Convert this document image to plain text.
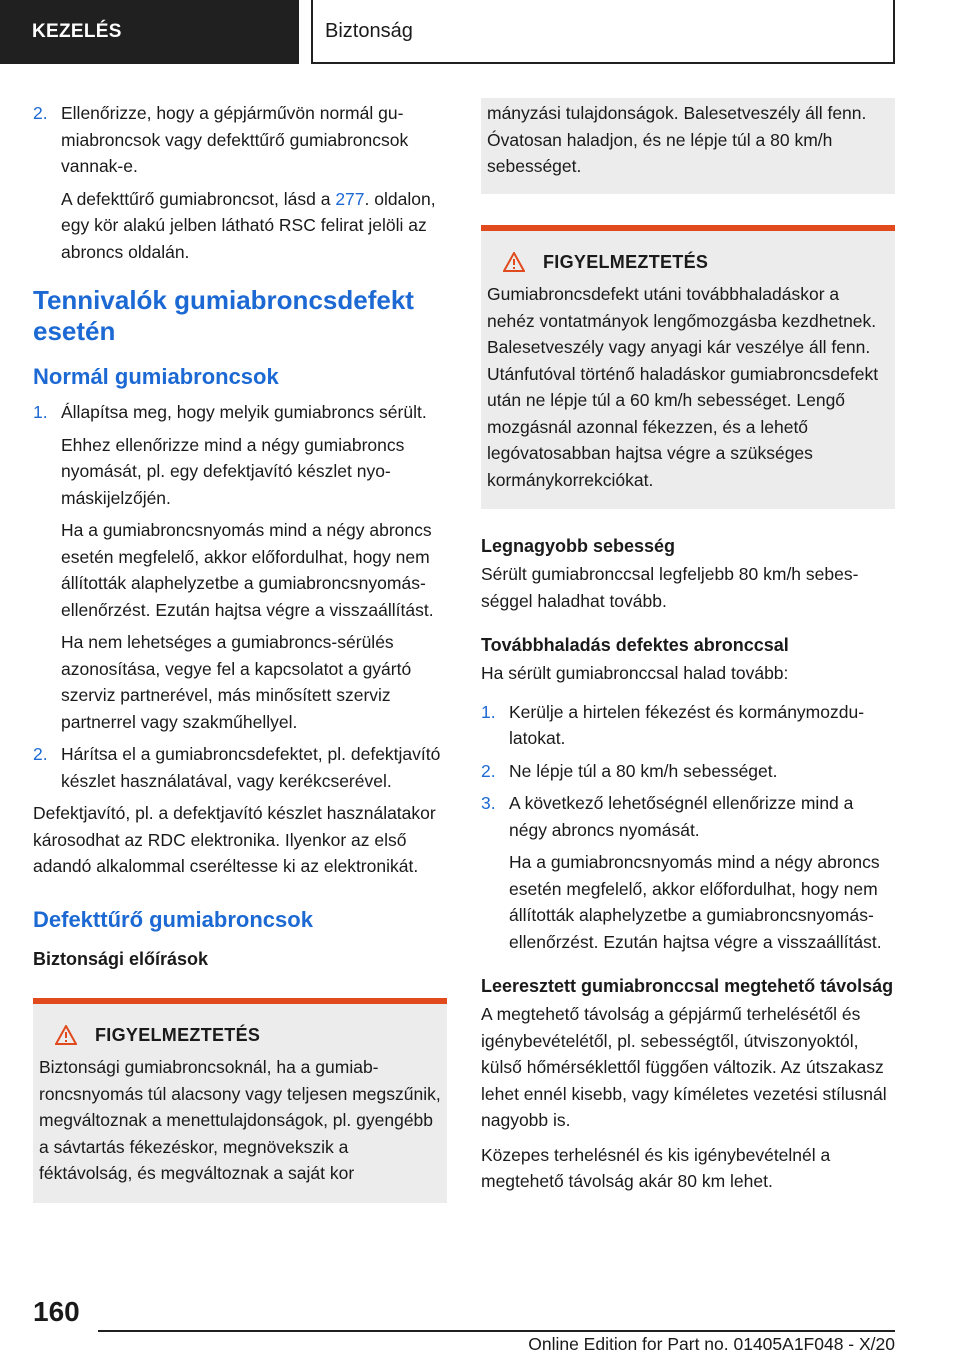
KEZELÉS	Biztonság
2. Ellenőrizze, hogy a gépjárművön normál gumiabroncsok vagy defekttűrő gumiabroncsok vannak-e.

A defekttűrő gumiabroncsot, lásd a 277. oldalon, egy kör alakú jelben látható RSC felirat jelöli az abroncs oldalán.

Tennivalók gumiabroncsdefekt esetén
Normál gumiabroncsok
1. Állapítsa meg, hogy melyik gumiabroncs sérült.

Ehhez ellenőrizze mind a négy gumiabroncs nyomását, pl. egy defektjavító készlet nyomáskijelzőjén.

Ha a gumiabroncsnyomás mind a négy abroncs esetén megfelelő, akkor előfordulhat, hogy nem állították alaphelyzetbe a gumiabroncsnyomás-ellenőrzést. Ezután hajtsa végre a visszaállítást.

Ha nem lehetséges a gumiabroncs-sérülés azonosítása, vegye fel a kapcsolatot a gyártó szerviz partnerével, más minősített szerviz partnerrel vagy szakműhellyel.

2. Hárítsa el a gumiabroncsdefektet, pl. defektjavító készlet használatával, vagy kerékcserével.

Defektjavító, pl. a defektjavító készlet használatakor károsodhat az RDC elektronika. Ilyenkor az első adandó alkalommal cseréltesse ki az elektronikát.

Defekttűrő gumiabroncsok
Biztonsági előírások
FIGYELMEZTETÉS

Biztonsági gumiabroncsoknál, ha a gumiabroncsnyomás túl alacsony vagy teljesen megszűnik, megváltoznak a menettulajdonságok, pl. gyengébb a sávtartás fékezéskor, megnövekszik a féktávolság, és megváltoznak a saját kor

mányzási tulajdonságok. Balesetveszély áll fenn. Óvatosan haladjon, és ne lépje túl a 80 km/h sebességet.

FIGYELMEZTETÉS

Gumiabroncsdefekt utáni továbbhaladáskor a nehéz vontatmányok lengőmozgásba kezdhetnek. Balesetveszély vagy anyagi kár veszélye áll fenn. Utánfutóval történő haladáskor gumiabroncsdefekt után ne lépje túl a 60 km/h sebességet. Lengő mozgásnál azonnal fékezzen, és a lehető legóvatosabban hajtsa végre a szükséges kormánykorrekciókat.

Legnagyobb sebesség

Sérült gumiabronccsal legfeljebb 80 km/h sebességgel haladhat tovább.

Továbbhaladás defektes abronccsal

Ha sérült gumiabronccsal halad tovább:

1. Kerülje a hirtelen fékezést és kormánymozdulatokat.

2. Ne lépje túl a 80 km/h sebességet.

3. A következő lehetőségnél ellenőrizze mind a négy abroncs nyomását.

Ha a gumiabroncsnyomás mind a négy abroncs esetén megfelelő, akkor előfordulhat, hogy nem állították alaphelyzetbe a gumiabroncsnyomás-ellenőrzést. Ezután hajtsa végre a visszaállítást.

Leeresztett gumiabronccsal megtehető távolság

A megtehető távolság a gépjármű terhelésétől és igénybevételétől, pl. sebességtől, útviszonyoktól, külső hőmérséklettől függően változik. Az útszakasz lehet ennél kisebb, vagy kíméletes vezetési stílusnál nagyobb is.

Közepes terhelésnél és kis igénybevételnél a megtehető távolság akár 80 km lehet.

160
Online Edition for Part no. 01405A1F048 - X/20
